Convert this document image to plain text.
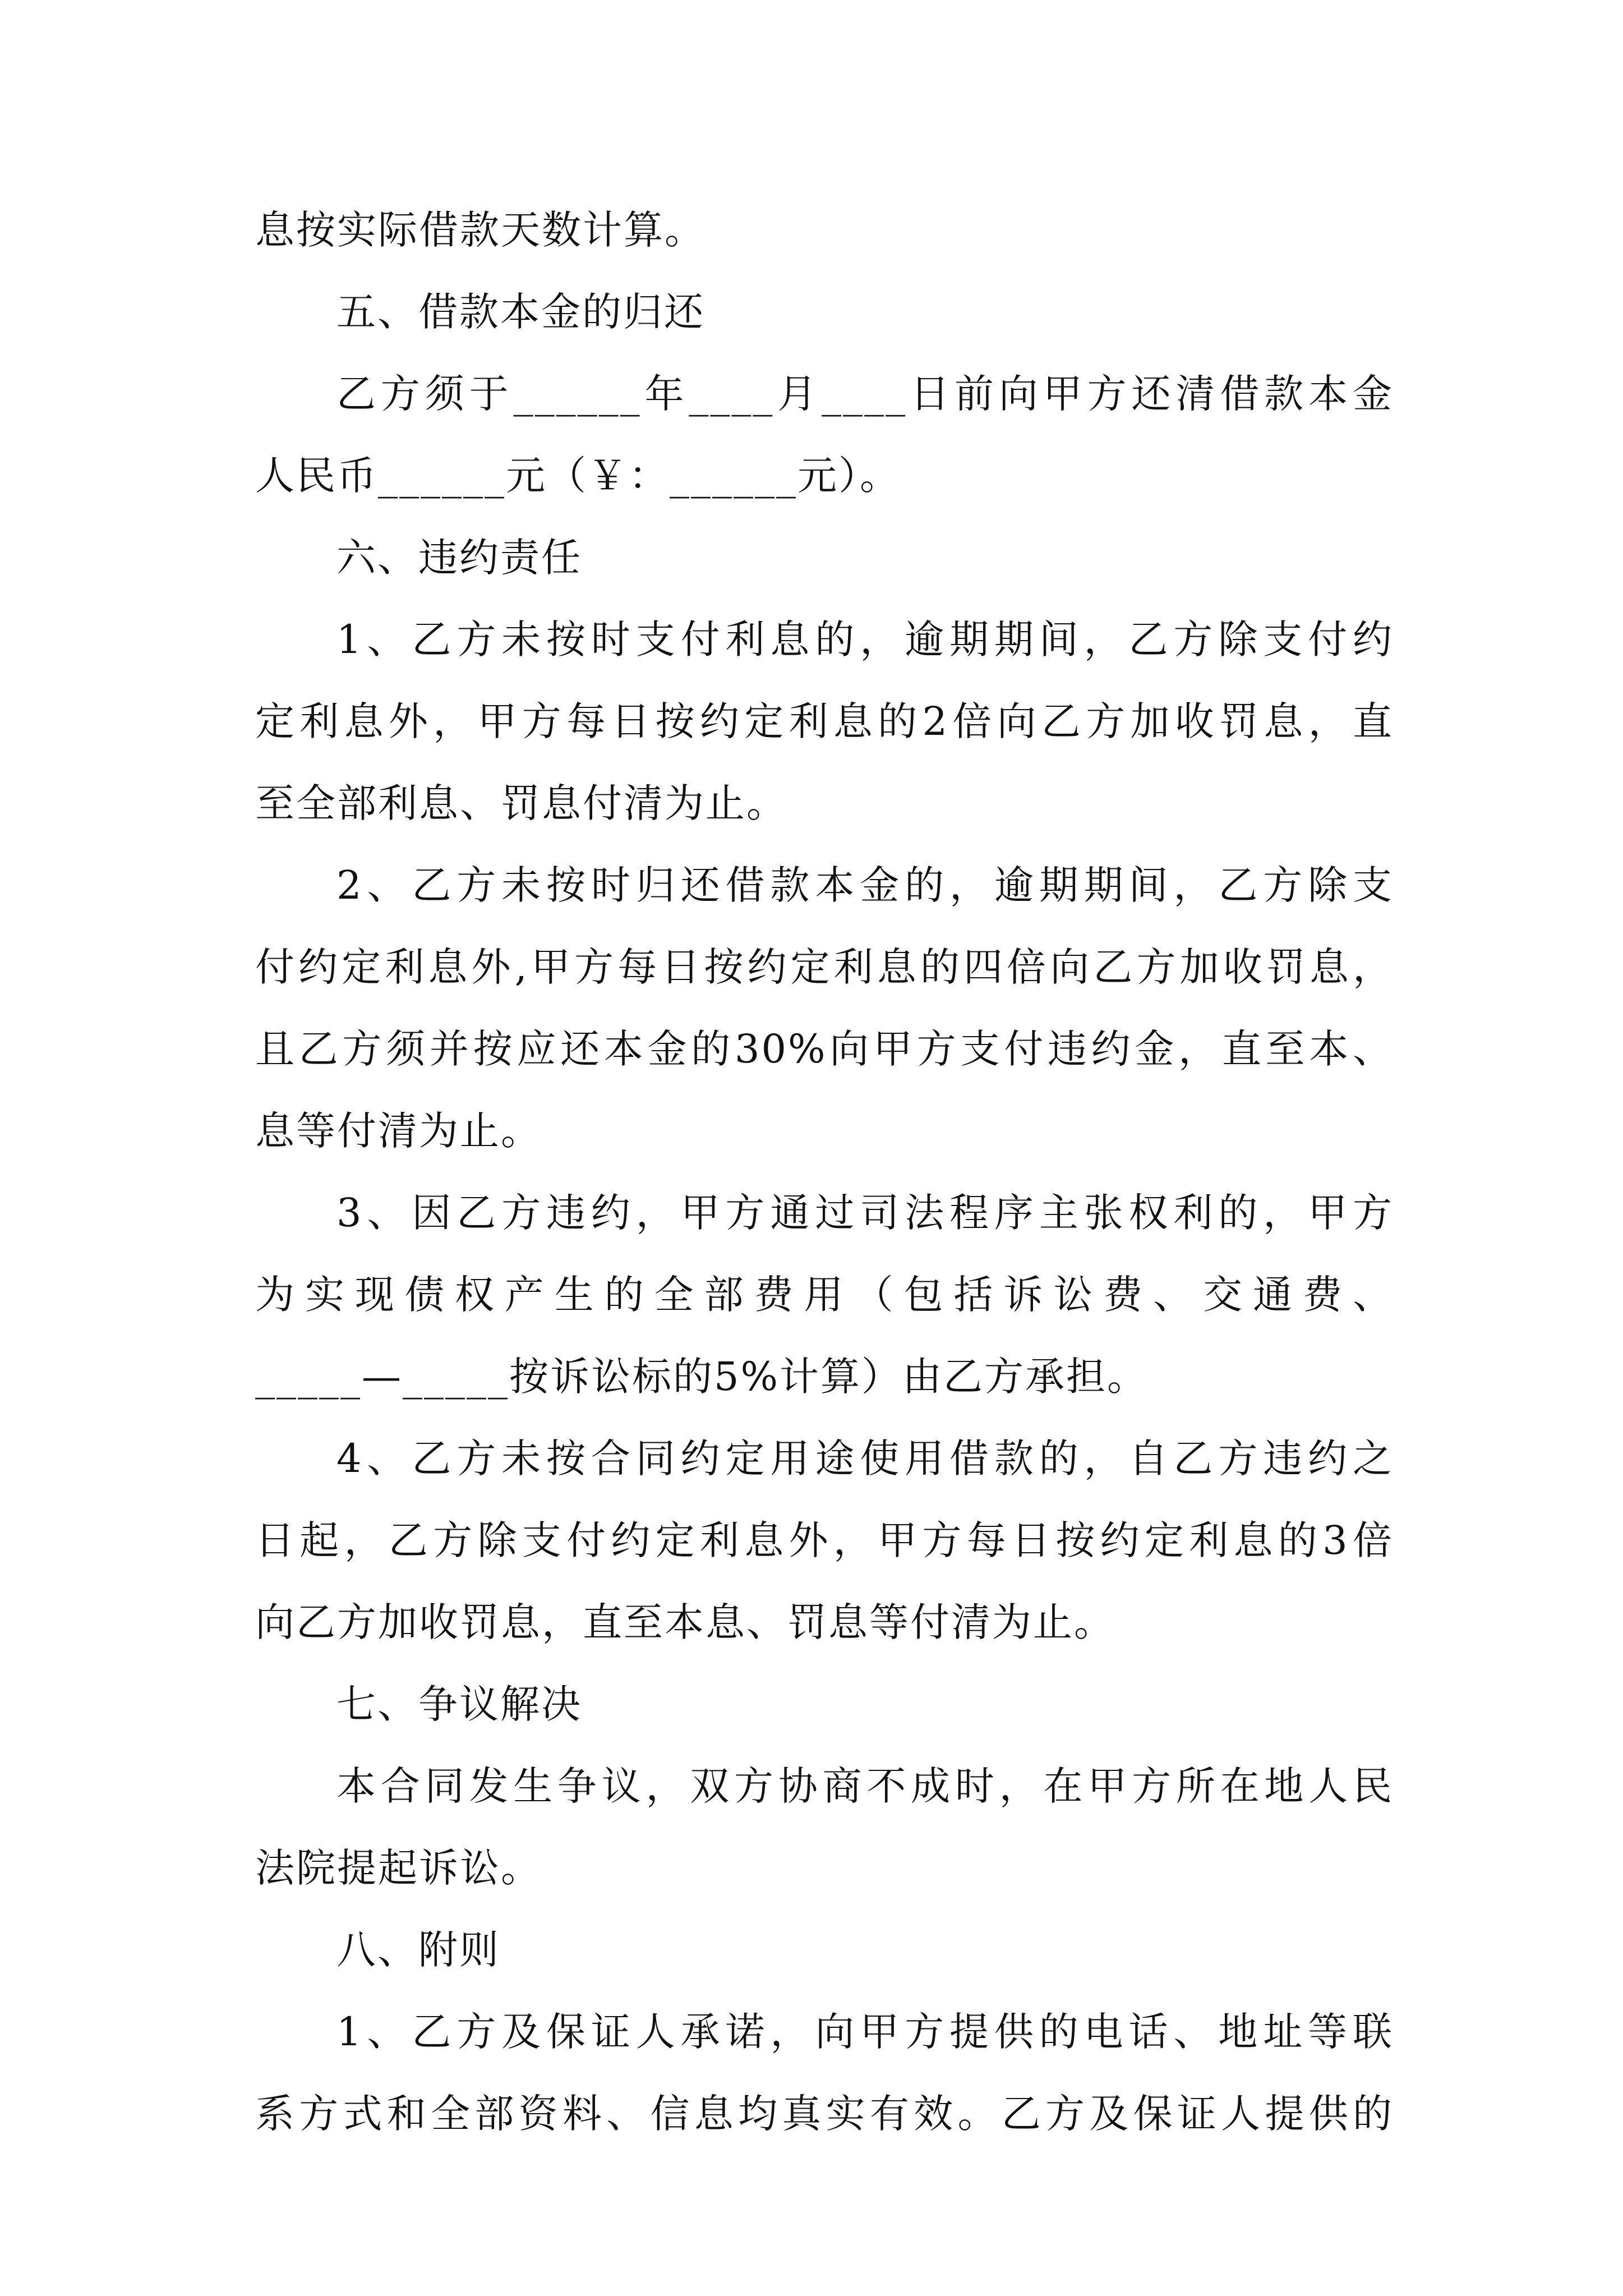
息按实际借款天数计算。
五、借款本金的归还
乙方须于______年____月____日前向甲方还清借款本金
人民币______元（￥：______元）。
六、违约责任
1、乙方未按时支付利息的，逾期期间，乙方除支付约
定利息外，甲方每日按约定利息的2倍向乙方加收罚息，直
至全部利息、罚息付清为止。
2、乙方未按时归还借款本金的，逾期期间，乙方除支
付约定利息外,甲方每日按约定利息的四倍向乙方加收罚息，
且乙方须并按应还本金的30%向甲方支付违约金，直至本、
息等付清为止。
3、因乙方违约，甲方通过司法程序主张权利的，甲方
为实现债权产生的全部费用（包括诉讼费、交通费、
_____—_____按诉讼标的5%计算）由乙方承担。
4、乙方未按合同约定用途使用借款的，自乙方违约之
日起，乙方除支付约定利息外，甲方每日按约定利息的3倍
向乙方加收罚息，直至本息、罚息等付清为止。
七、争议解决
本合同发生争议，双方协商不成时，在甲方所在地人民
法院提起诉讼。
八、附则
1、乙方及保证人承诺，向甲方提供的电话、地址等联
系方式和全部资料、信息均真实有效。乙方及保证人提供的
